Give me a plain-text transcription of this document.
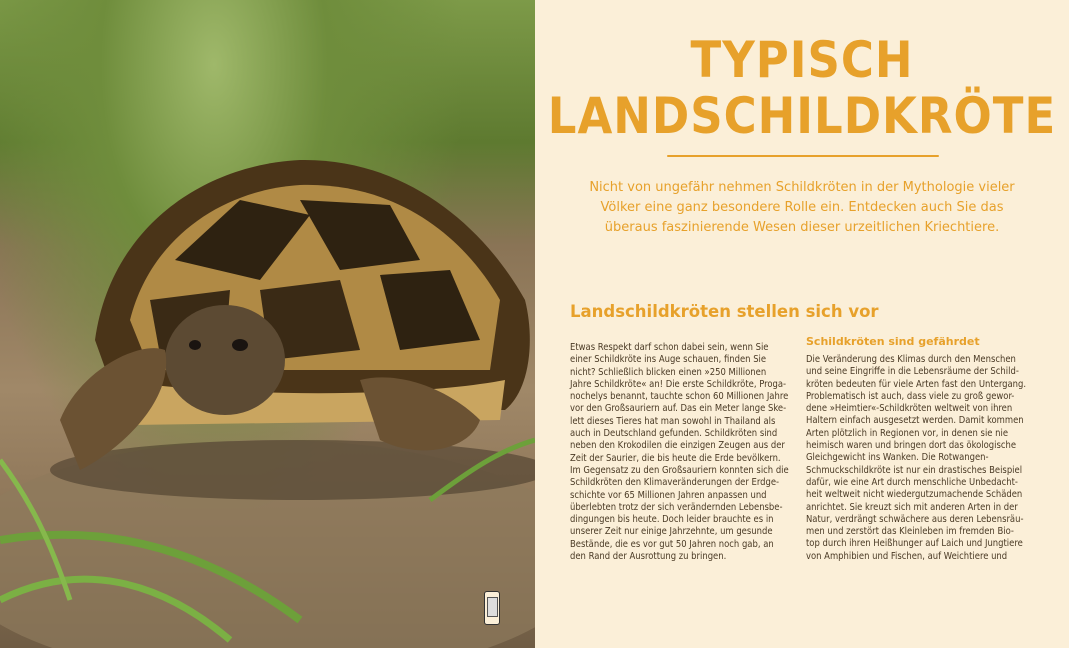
TYPISCH
LANDSCHILDKRÖTE
Nicht von ungefähr nehmen Schildkröten in der Mythologie vieler Völker eine ganz besondere Rolle ein. Entdecken auch Sie das überaus faszinierende Wesen dieser urzeitlichen Kriechtiere.
Landschildkröten stellen sich vor
Etwas Respekt darf schon dabei sein, wenn Sie
einer Schildkröte ins Auge schauen, finden Sie
nicht? Schließlich blicken einen »250 Millionen
Jahre Schildkröte« an! Die erste Schildkröte, Proga-
nochelys benannt, tauchte schon 60 Millionen Jahre
vor den Großsauriern auf. Das ein Meter lange Ske-
lett dieses Tieres hat man sowohl in Thailand als
auch in Deutschland gefunden. Schildkröten sind
neben den Krokodilen die einzigen Zeugen aus der
Zeit der Saurier, die bis heute die Erde bevölkern.
Im Gegensatz zu den Großsauriern konnten sich die
Schildkröten den Klimaveränderungen der Erdge-
schichte vor 65 Millionen Jahren anpassen und
überlebten trotz der sich verändernden Lebensbe-
dingungen bis heute. Doch leider brauchte es in
unserer Zeit nur einige Jahrzehnte, um gesunde
Bestände, die es vor gut 50 Jahren noch gab, an
den Rand der Ausrottung zu bringen.
Schildkröten sind gefährdet
Die Veränderung des Klimas durch den Menschen
und seine Eingriffe in die Lebensräume der Schild-
kröten bedeuten für viele Arten fast den Untergang.
Problematisch ist auch, dass viele zu groß gewor-
dene »Heimtier«-Schildkröten weltweit von ihren
Haltern einfach ausgesetzt werden. Damit kommen
Arten plötzlich in Regionen vor, in denen sie nie
heimisch waren und bringen dort das ökologische
Gleichgewicht ins Wanken. Die Rotwangen-
Schmuckschildkröte ist nur ein drastisches Beispiel
dafür, wie eine Art durch menschliche Unbedacht-
heit weltweit nicht wiedergutzumachende Schäden
anrichtet. Sie kreuzt sich mit anderen Arten in der
Natur, verdrängt schwächere aus deren Lebensräu-
men und zerstört das Kleinleben im fremden Bio-
top durch ihren Heißhunger auf Laich und Jungtiere
von Amphibien und Fischen, auf Weichtiere und
